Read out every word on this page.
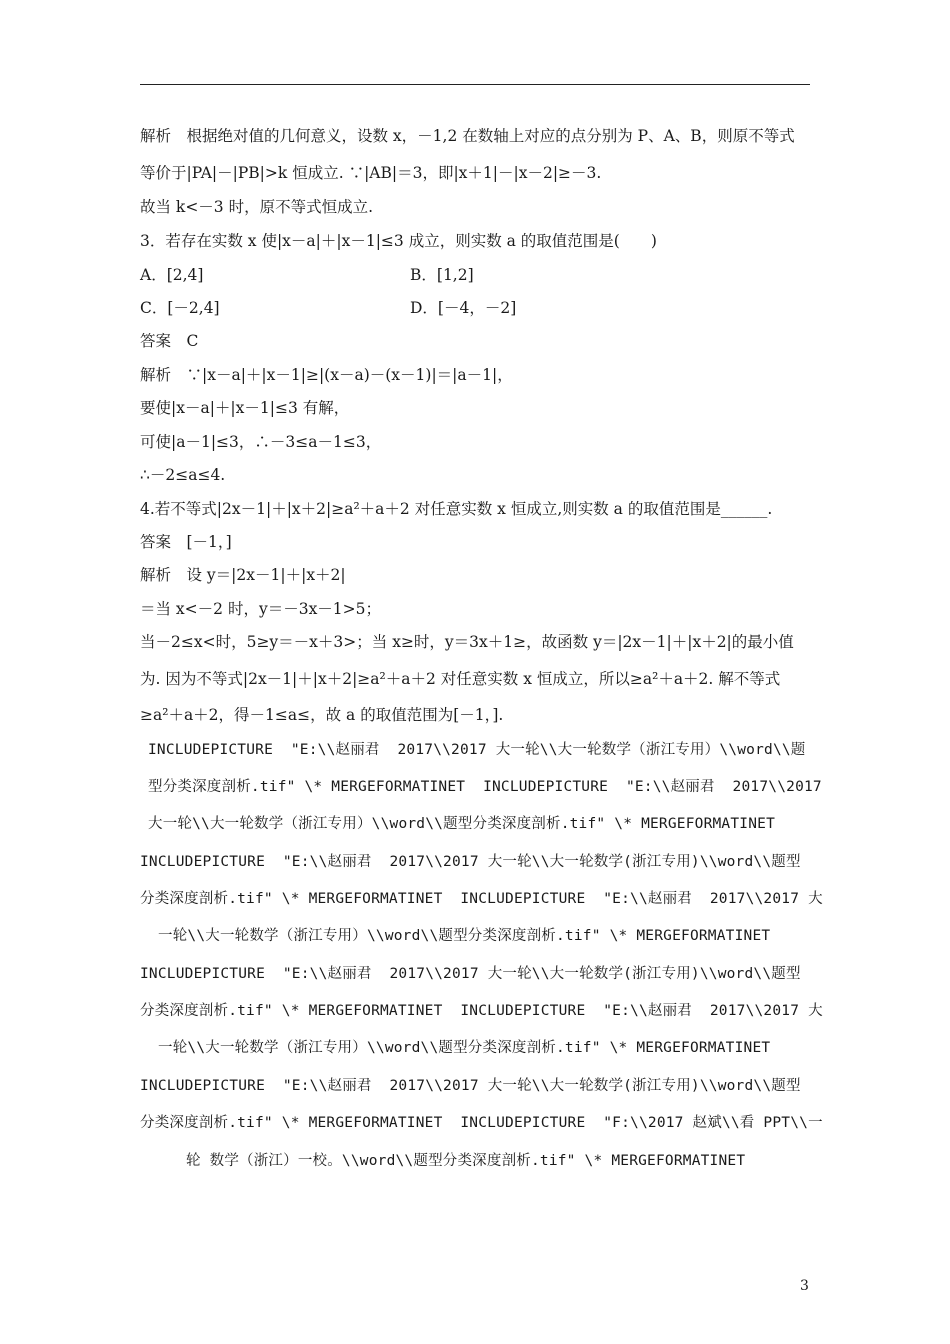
解析　根据绝对值的几何意义，设数 x，－1,2 在数轴上对应的点分别为 P、A、B，则原不等式
等价于|PA|－|PB|>k 恒成立. ∵|AB|＝3，即|x＋1|－|x－2|≥－3.
故当 k<－3 时，原不等式恒成立.
3．若存在实数 x 使|x－a|＋|x－1|≤3 成立，则实数 a 的取值范围是(　　)
A．[2,4]	B．[1,2]
C．[－2,4]	D．[－4，－2]
答案　C
解析　∵|x－a|＋|x－1|≥|(x－a)－(x－1)|＝|a－1|，
要使|x－a|＋|x－1|≤3 有解，
可使|a－1|≤3，∴－3≤a－1≤3，
∴－2≤a≤4.
4.若不等式|2x－1|＋|x＋2|≥a²＋a＋2 对任意实数 x 恒成立,则实数 a 的取值范围是______.
答案　[－1，]
解析　设 y＝|2x－1|＋|x＋2|
＝当 x<－2 时，y＝－3x－1>5；
当－2≤x<时，5≥y＝－x＋3>；当 x≥时，y＝3x＋1≥，故函数 y＝|2x－1|＋|x＋2|的最小值
为. 因为不等式|2x－1|＋|x＋2|≥a²＋a＋2 对任意实数 x 恒成立，所以≥a²＋a＋2. 解不等式
≥a²＋a＋2，得－1≤a≤，故 a 的取值范围为[－1，].
INCLUDEPICTURE  "E:\\赵丽君  2017\\2017 大一轮\\大一轮数学（浙江专用）\\word\\题
型分类深度剖析.tif" \* MERGEFORMATINET  INCLUDEPICTURE  "E:\\赵丽君  2017\\2017
大一轮\\大一轮数学（浙江专用）\\word\\题型分类深度剖析.tif" \* MERGEFORMATINET
INCLUDEPICTURE  "E:\\赵丽君  2017\\2017 大一轮\\大一轮数学(浙江专用)\\word\\题型
分类深度剖析.tif" \* MERGEFORMATINET  INCLUDEPICTURE  "E:\\赵丽君  2017\\2017 大
一轮\\大一轮数学（浙江专用）\\word\\题型分类深度剖析.tif" \* MERGEFORMATINET
INCLUDEPICTURE  "E:\\赵丽君  2017\\2017 大一轮\\大一轮数学(浙江专用)\\word\\题型
分类深度剖析.tif" \* MERGEFORMATINET  INCLUDEPICTURE  "E:\\赵丽君  2017\\2017 大
一轮\\大一轮数学（浙江专用）\\word\\题型分类深度剖析.tif" \* MERGEFORMATINET
INCLUDEPICTURE  "E:\\赵丽君  2017\\2017 大一轮\\大一轮数学(浙江专用)\\word\\题型
分类深度剖析.tif" \* MERGEFORMATINET  INCLUDEPICTURE  "F:\\2017 赵斌\\看 PPT\\一
轮 数学（浙江）一校。\\word\\题型分类深度剖析.tif" \* MERGEFORMATINET
3
